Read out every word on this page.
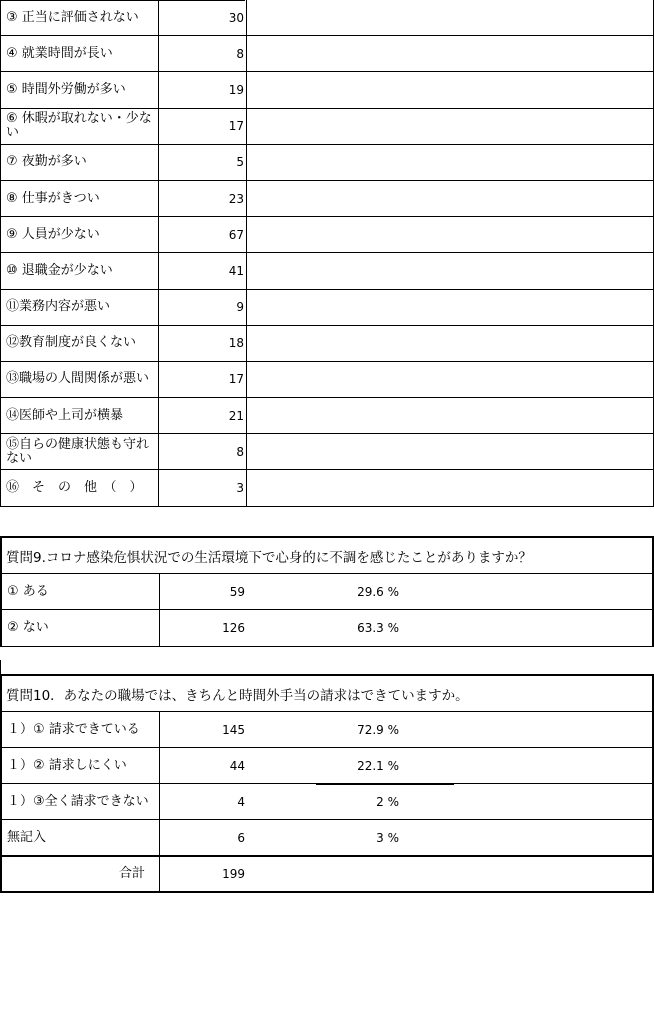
③ 正当に評価されない	30
④ 就業時間が長い	8
⑤ 時間外労働が多い	19
⑥ 休暇が取れない・少ない	17
⑦ 夜勤が多い	5
⑧ 仕事がきつい	23
⑨ 人員が少ない	67
⑩ 退職金が少ない	41
⑪業務内容が悪い	9
⑫教育制度が良くない	18
⑬職場の人間関係が悪い	17
⑭医師や上司が横暴	21
⑮自らの健康状態も守れない	8
⑯　そ　の　他　（　）	3
質問9.コロナ感染危惧状況での生活環境下で心身的に不調を感じたことがありますか？
① ある	59	29.6 %
② ない	126	63.3 %
質問10．あなたの職場では、きちんと時間外手当の請求はできていますか。
１）① 請求できている	145	72.9 %
１）② 請求しにくい	44	22.1 %
１）③全く請求できない	4	2 %
無記入	6	3 %
合計	199
